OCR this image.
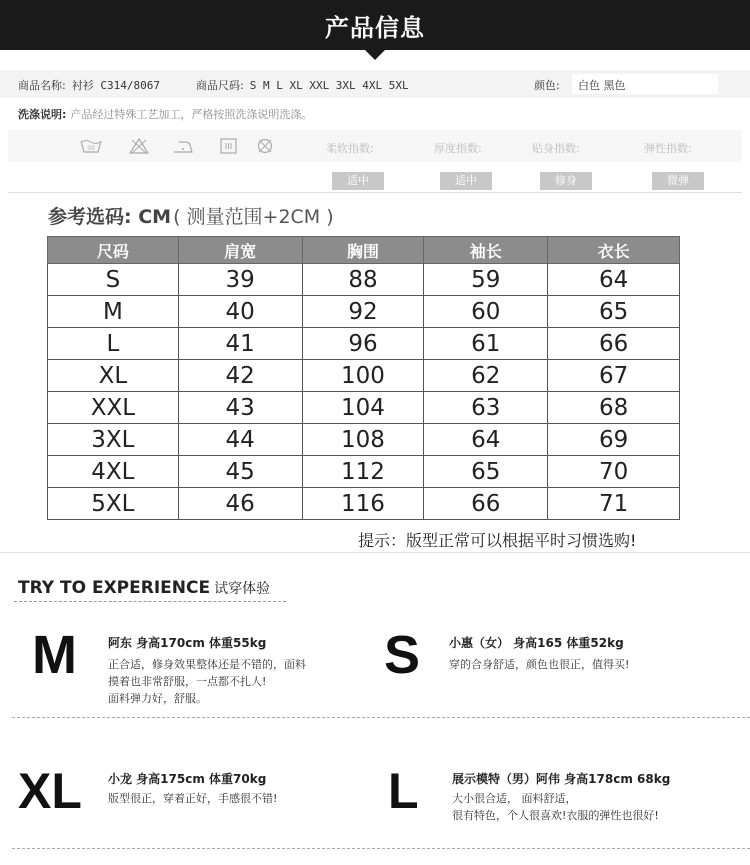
产品信息
商品名称: 衬衫 C314/8067	商品尺码: S M L XL XXL 3XL 4XL 5XL	颜色: 白色 黑色
洗涤说明: 产品经过特殊工艺加工，严格按照洗涤说明洗涤。
30	柔软指数:	厚度指数:	贴身指数:	弹性指数:
适中	适中	修身	微弹
参考选码: CM ( 测量范围+2CM )
尺码	肩宽	胸围	袖长	衣长
S	39	88	59	64
M	40	92	60	65
L	41	96	61	66
XL	42	100	62	67
XXL	43	104	63	68
3XL	44	108	64	69
4XL	45	112	65	70
5XL	46	116	66	71
提示：版型正常可以根据平时习惯选购!
TRY TO EXPERIENCE 试穿体验
M	阿东 身高170cm 体重55kg
正合适，修身效果整体还是不错的，面料
摸着也非常舒服，一点都不扎人!
面料弹力好，舒服。
S 小惠（女） 身高165 体重52kg
穿的合身舒适，颜色也很正，值得买!
XL 小龙 身高175cm 体重70kg
版型很正，穿着正好，手感很不错! L	展示模特（男）阿伟 身高178cm 68kg
大小很合适， 面料舒适，
很有特色，个人很喜欢!衣服的弹性也很好!
